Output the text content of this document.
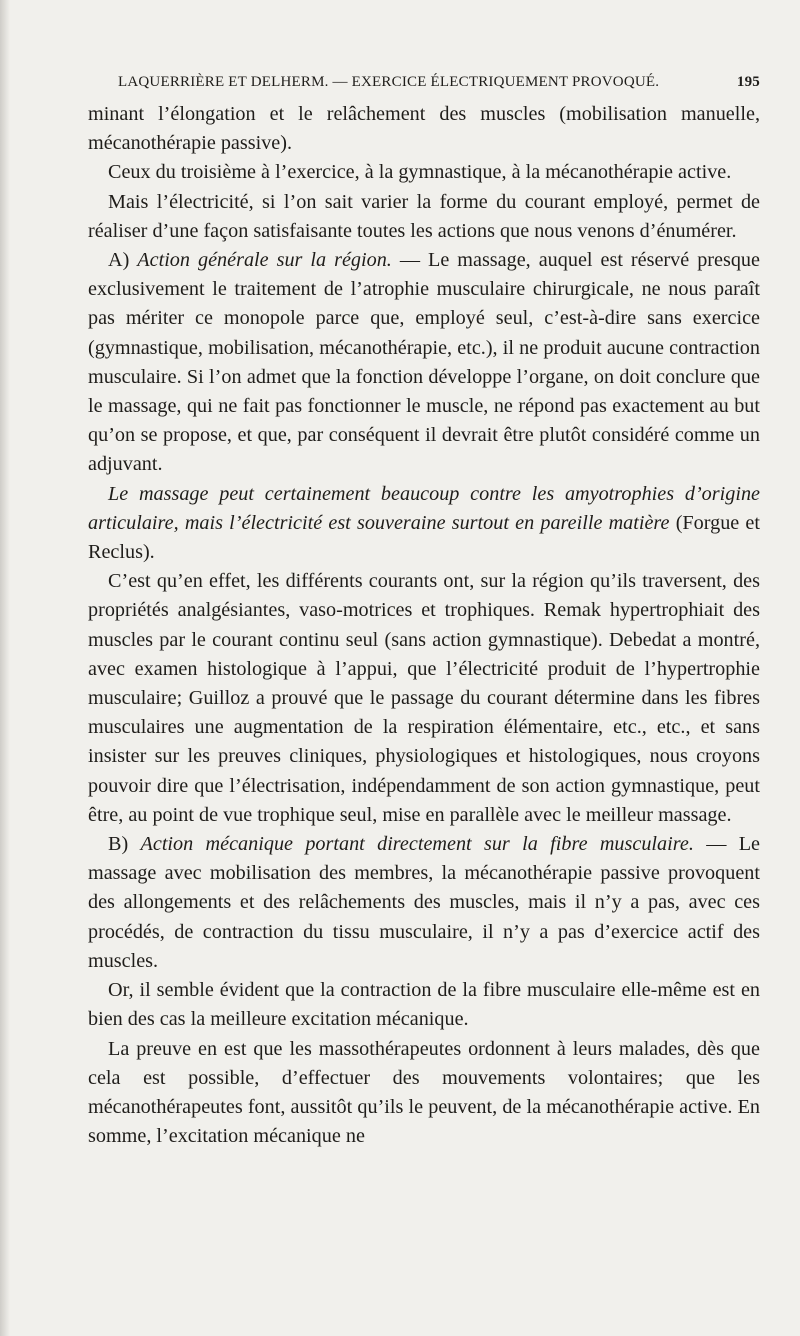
LAQUERRIÈRE ET DELHERM. — EXERCICE ÉLECTRIQUEMENT PROVOQUÉ.	195

minant l’élongation et le relâchement des muscles (mobilisation manuelle, mécanothérapie passive).

Ceux du troisième à l’exercice, à la gymnastique, à la mécanothérapie active.

Mais l’électricité, si l’on sait varier la forme du courant employé, permet de réaliser d’une façon satisfaisante toutes les actions que nous venons d’énumérer.

A) Action générale sur la région. — Le massage, auquel est réservé presque exclusivement le traitement de l’atrophie musculaire chirurgicale, ne nous paraît pas mériter ce monopole parce que, employé seul, c’est-à-dire sans exercice (gymnastique, mobilisation, mécanothérapie, etc.), il ne produit aucune contraction musculaire. Si l’on admet que la fonction développe l’organe, on doit conclure que le massage, qui ne fait pas fonctionner le muscle, ne répond pas exactement au but qu’on se propose, et que, par conséquent il devrait être plutôt considéré comme un adjuvant.

Le massage peut certainement beaucoup contre les amyotrophies d’origine articulaire, mais l’électricité est souveraine surtout en pareille matière (Forgue et Reclus).

C’est qu’en effet, les différents courants ont, sur la région qu’ils traversent, des propriétés analgésiantes, vaso-motrices et trophiques. Remak hypertrophiait des muscles par le courant continu seul (sans action gymnastique). Debedat a montré, avec examen histologique à l’appui, que l’électricité produit de l’hypertrophie musculaire; Guilloz a prouvé que le passage du courant détermine dans les fibres musculaires une augmentation de la respiration élémentaire, etc., etc., et sans insister sur les preuves cliniques, physiologiques et histologiques, nous croyons pouvoir dire que l’électrisation, indépendamment de son action gymnastique, peut être, au point de vue trophique seul, mise en parallèle avec le meilleur massage.

B) Action mécanique portant directement sur la fibre musculaire. — Le massage avec mobilisation des membres, la mécanothérapie passive provoquent des allongements et des relâchements des muscles, mais il n’y a pas, avec ces procédés, de contraction du tissu musculaire, il n’y a pas d’exercice actif des muscles.

Or, il semble évident que la contraction de la fibre musculaire elle-même est en bien des cas la meilleure excitation mécanique.

La preuve en est que les massothérapeutes ordonnent à leurs malades, dès que cela est possible, d’effectuer des mouvements volontaires; que les mécanothérapeutes font, aussitôt qu’ils le peuvent, de la mécanothérapie active. En somme, l’excitation mécanique ne
